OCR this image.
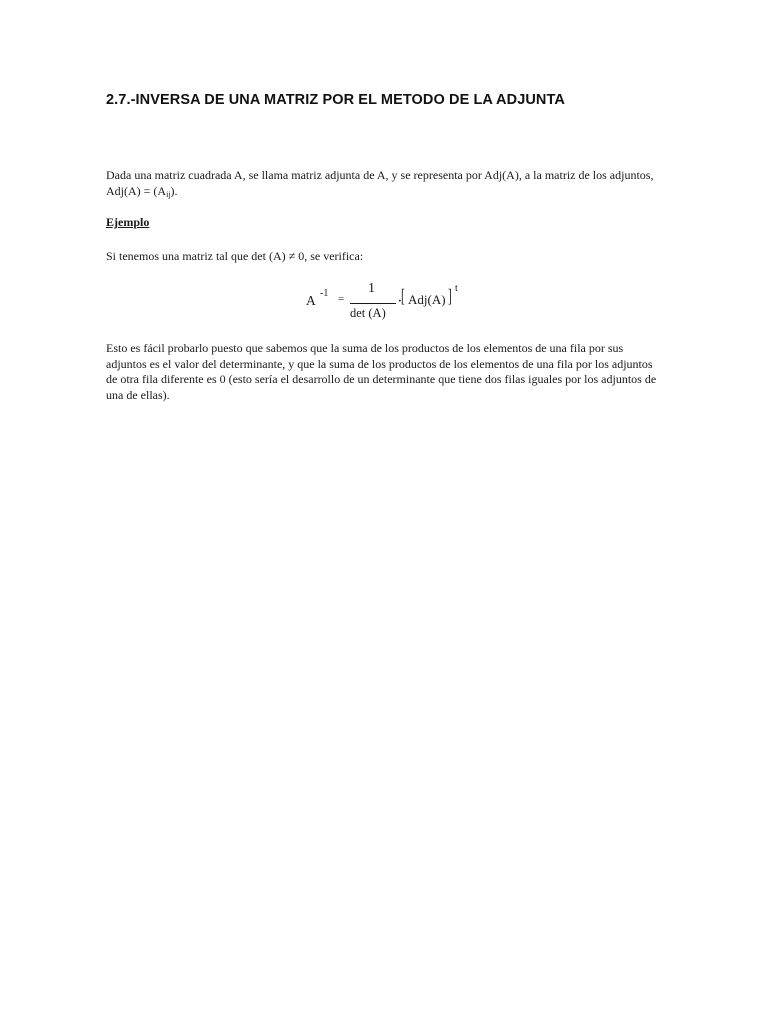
2.7.-INVERSA DE UNA MATRIZ POR EL METODO DE LA ADJUNTA
Dada una matriz cuadrada A, se llama matriz adjunta de A, y se representa por Adj(A), a la matriz de los adjuntos, $Adj(A) = (A_{ij})$.
Ejemplo
Si tenemos una matriz tal que det (A) ≠ 0, se verifica:
A -1 =
1
det (A)
· [ Adj(A) ] t
Esto es fácil probarlo puesto que sabemos que la suma de los productos de los elementos de una fila por sus adjuntos es el valor del determinante, y que la suma de los productos de los elementos de una fila por los adjuntos de otra fila diferente es 0 (esto sería el desarrollo de un determinante que tiene dos filas iguales por los adjuntos de una de ellas).
